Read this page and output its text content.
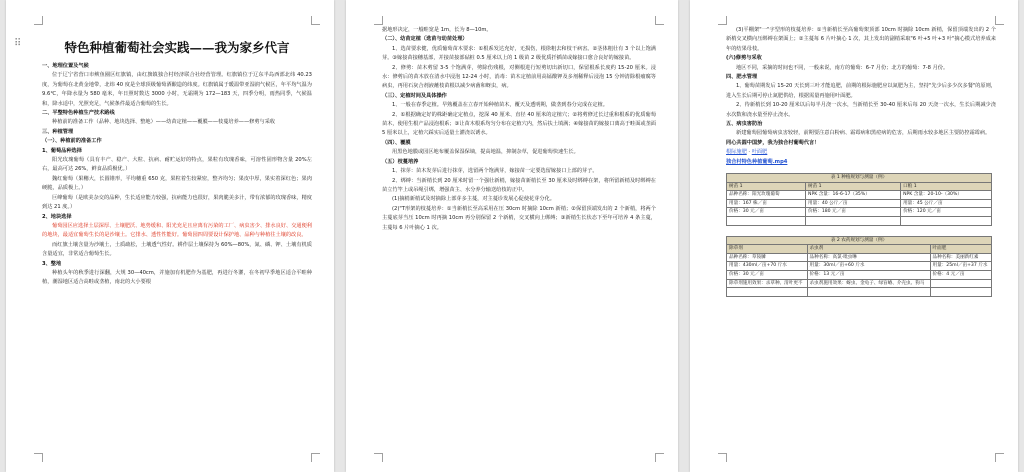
⠿	特色种植葡萄社会实践——我为家乡代言
一、地理位置及气候
位于辽宁省营口市鲅鱼圈区红旗镇，由红旗镇独合村经济联合社经营管理。红旗镇位于辽东半岛西部北纬 40.23 度，为葡萄在北黄金地带，北纬 40 度是全球顶级葡萄酒酿造的纬度。红旗镇属于暖温带亚湿润气候区，年平均气温为 9.6℃，年降水量为 580 毫米，年日照时数达 3000 小时，无霜期为 172—183 天，四季分明，雨热同季，气候温和，降水适中，光照充足，气候条件最适合葡萄的生长。
二、平整特色种植生产技术路线
种植前的准备工作（品种、地块选择、整地）——幼苗定植——覆膜——枝蔓培养——修剪与采收
三、种植管理
（一）、种植前的准备工作
1、葡萄品种选择
阳光玫瑰葡萄（具有丰产、稳产、大粒、抗病、耐贮运好的特点，果粒有玫瑰香味，可溶性固形物含量 20%左右，最高可达 26%，鲜食品质极优。）
魏红葡萄（果穗大，长圆锥形，平均穗重 650 克，果粒着生较紧密，整齐均匀；果皮中厚，果实着深红色；果肉硬脆，品质极上。）
巨峰葡萄（是欧美杂交的品种，生长适应能力较强，抗病能力也很好，果肉脆美多汁，带有浓郁的玫瑰香味，精度到达 21 度。）
2、地块选择
葡萄园区应选择土层深厚、土壤肥沃、地势缓和、阳光充足且应离有污染的工厂、病虫害少、排水良好、交通便利的地块，最适宜葡萄生长的是沙壤土。它排水、透性性能好。葡萄园四周要设计保护地、品种与种植往土壤的改良。
而红旗土壤含量为沙壤土，土质疏松，土壤透气性好。耕作层土壤保持为 60%—80%，氮、磷、钾、土壤有机质含量适宜，非常适合葡萄生长。
3、整地
种植头年的秋季进行深翻，大规 30—40cm，并施加有机肥作为基肥，再进行冬灌，在冬初早季地区适合平畦种植，潮湿地区适合高畦或垄植，南北的大小要根
据地形决定，一般畦宽是 1m，长为 8—10m。
（二）、幼苗定植（选苗与幼苗处理）
1、选苗要求健，优质葡萄苗木要求：①根系发达充好，无损伤，根徐粗去和枝干病害。②茎体粗壮有 3 个以上饱满芽。③嫁接苗接穗基部，并接苗接部砧桩 0.5 厘米以上的 1 级苗 2 级优质扦插苗或嫁接口愈合良好的嫁接苗。
2、修剪：苗木剪留 3-5 个饱满芽，剪除伤残根，对侧根进行短剪切出新切口，保留根系长度约 15-20 厘米。浸水：修剪后的苗木放在清水中浸泡 12-24 小时，消毒：苗木定植前用高锰酸钾及多剂稀释后浸泡 15 分钟清除根瘤腐等病虫，再用石灰合剂液蘸枝苗根以减少病菌和蚜虫，病。
（三）、定植时间及具体操作
1、一般在春季定植。早熟覆盖在立春开始种植苗木，覆天及透明期，做垄到春分完成在定植。
2、①根据确定好的株距确定定植点，挖深 40 厘米、直径 40 厘米的定植穴；②将剪修过长过重和根系的优质葡萄苗木，使用生根产品浸泡根系；③让苗木根系均匀分布在定植穴内，然后扶土填满；④嫁接苗的嫁接口离高于畦面或垄面 5 厘米以上，定植穴踩实后适量土灌浇以诱水。
（四）、覆膜
用黑色地膜或园区地布覆盖保湿保墒，提高地温，抑制杂草，促进葡萄快速生长。
（五）枝蔓培养
1、抹芽：苗木发芽后进行抹芽，选留两个饱满芽，嫁接苗一定要选留嫁接口上部的芽子。
2、绑缚：当新梢长到 20 厘米时留一个强壮新梢，嫁接苗新梢长至 30 厘米及时绑缚在架，将所留新梢及时绑缚在苗立竹竿上或吊绳引绑，增强苗主、水分养分输送给枝的正中。
(1)摘梢新梢试及时摘除上部芽多主蔓，对主蔓诊发展心促使花芽分化。
(2)"T形架的枝蔓培养：①当新梢长至高采用在压 30cm 时摘除 10cm 新梢；②保留顶端发出的 2 个新梢，将两个主蔓底芽当压 10cm 时再摘 10cm 再分别保留 2 个新梢，交叉横向上绑缚；③新梢生长状态下至年可培养 4 条主蔓，主蔓每 6 片叶摘心 1 次。
(3)平棚架"一"字型形的枝蔓培养：①当新梢长至高葡萄架顶部 10cm 时摘除 10cm 新梢，保留顶端发出的 2 个新梢交叉横向压绑缚在架面上；②主蔓每 6 片叶摘心 1 次，其上发出的副梢采取"6 叶+5 叶+3 叶"摘心模式培养成来年的结果母枝。
(六)修剪与采收
地区不同，采摘的时间也不同，一般来说，南方的葡萄：6-7 月份；北方的葡萄：7-8 月份。
四、肥水管理
1、葡萄苗期发后 15-20 天长到三叶才能追肥，前期的根际施肥应以氮肥为主，坚持"先少后多少次多餐"的原则，进入生长后期可停止氮肥供给，根据需量再施用叶面肥。
2、待新梢长到 10-20 厘米以后每半月浇一次水，当新梢长至 30-40 厘米后每 20 天浇一次水，生长后期减少浇水次数和浇水量至停止浇水。
五、病虫害防治
新建葡萄园葡萄病虫害较轻，前期要注意白粉病、霜霉病和黑痘病的危害，后期雨水较多地区主要防控霜霉病。
同心共圆中国梦，我为独合村葡萄代言！
根际施肥 · 叶面肥
独合村特色种植葡萄.mp4
表 1 种植规划与测量（例）		
树苗 1	树苗 1	口粮 1
品种名称：阳光玫瑰葡萄	NPK 含量：16-6-17（35%）	NPK 含量：20-10-（30%）
用量：167 株／亩	用量：40 公斤／亩	用量：45 公斤／亩
价格：30 元／亩	价格：180 元／亩	价格：120 元／亩

表 2 农药规划与测量（例）		
除草剂	杀虫剂	叶面肥
品种名称：草铵膦	品种名称：高氯·吡虫啉	品种名称：美丽新红素
用量：430ml／亩+70 斤水	用量：30ml／亩+60 斤水	用量：25ml／亩+37 斤水
价格：30 元／亩	价格：13 元／亩	价格：4 元／亩
除草剂施用效果：杀草种、清叶更不	杀虫剂施用效果：蚜虫、金龟子、绿盲蝽、介壳虫、狗马	
